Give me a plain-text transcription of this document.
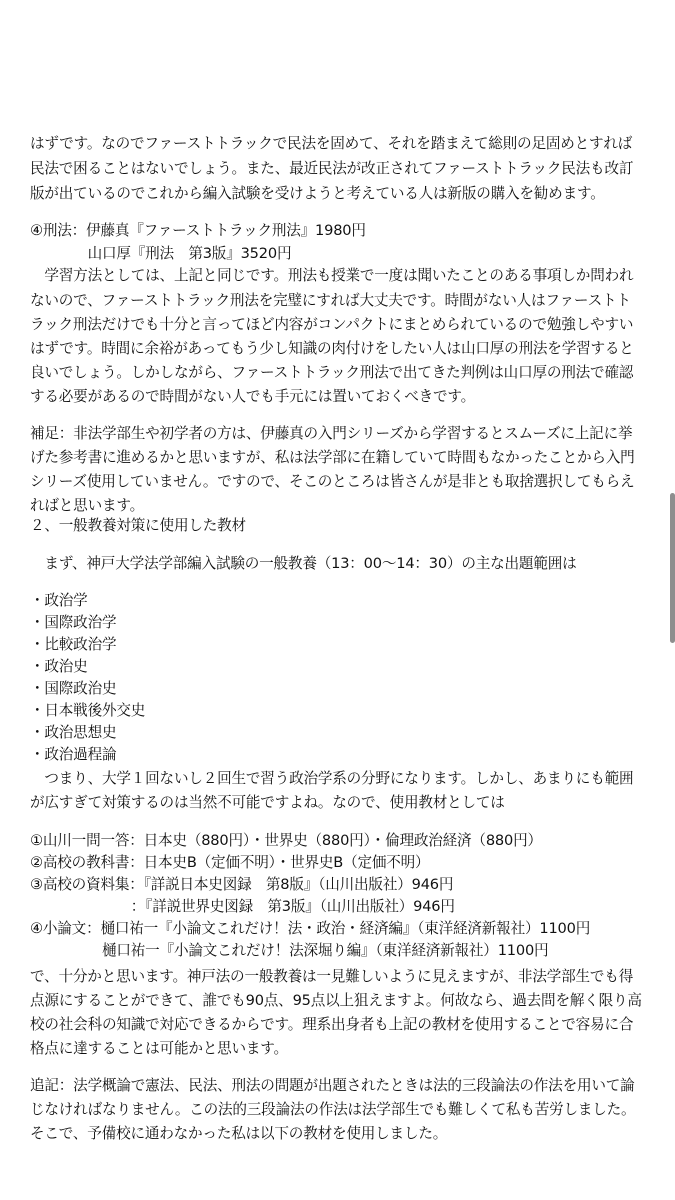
はずです。なのでファーストトラックで民法を固めて、それを踏まえて総則の足固めとすれば
民法で困ることはないでしょう。また、最近民法が改正されてファーストトラック民法も改訂
版が出ているのでこれから編入試験を受けようと考えている人は新版の購入を勧めます。
④刑法：伊藤真『ファーストトラック刑法』1980円
　　　　山口厚『刑法　第3版』3520円
　学習方法としては、上記と同じです。刑法も授業で一度は聞いたことのある事項しか問われ
ないので、ファーストトラック刑法を完璧にすれば大丈夫です。時間がない人はファーストト
ラック刑法だけでも十分と言ってほど内容がコンパクトにまとめられているので勉強しやすい
はずです。時間に余裕があってもう少し知識の肉付けをしたい人は山口厚の刑法を学習すると
良いでしょう。しかしながら、ファーストトラック刑法で出てきた判例は山口厚の刑法で確認
する必要があるので時間がない人でも手元には置いておくべきです。
補足：非法学部生や初学者の方は、伊藤真の入門シリーズから学習するとスムーズに上記に挙
げた参考書に進めるかと思いますが、私は法学部に在籍していて時間もなかったことから入門
シリーズ使用していません。ですので、そこのところは皆さんが是非とも取捨選択してもらえ
ればと思います。
２、一般教養対策に使用した教材
　まず、神戸大学法学部編入試験の一般教養（13：00〜14：30）の主な出題範囲は
・政治学
・国際政治学
・比較政治学
・政治史
・国際政治史
・日本戦後外交史
・政治思想史
・政治過程論
　つまり、大学１回ないし２回生で習う政治学系の分野になります。しかし、あまりにも範囲
が広すぎて対策するのは当然不可能ですよね。なので、使用教材としては
①山川一問一答：日本史（880円）・世界史（880円）・倫理政治経済（880円）
②高校の教科書：日本史B（定価不明）・世界史B（定価不明）
③高校の資料集：『詳説日本史図録　第8版』（山川出版社）946円
　　　　　　　：『詳説世界史図録　第3版』（山川出版社）946円
④小論文：樋口祐一『小論文これだけ！法・政治・経済編』（東洋経済新報社）1100円
　　　　　樋口祐一『小論文これだけ！法深堀り編』（東洋経済新報社）1100円
で、十分かと思います。神戸法の一般教養は一見難しいように見えますが、非法学部生でも得
点源にすることができて、誰でも90点、95点以上狙えますよ。何故なら、過去問を解く限り高
校の社会科の知識で対応できるからです。理系出身者も上記の教材を使用することで容易に合
格点に達することは可能かと思います。
追記：法学概論で憲法、民法、刑法の問題が出題されたときは法的三段論法の作法を用いて論
じなければなりません。この法的三段論法の作法は法学部生でも難しくて私も苦労しました。
そこで、予備校に通わなかった私は以下の教材を使用しました。
